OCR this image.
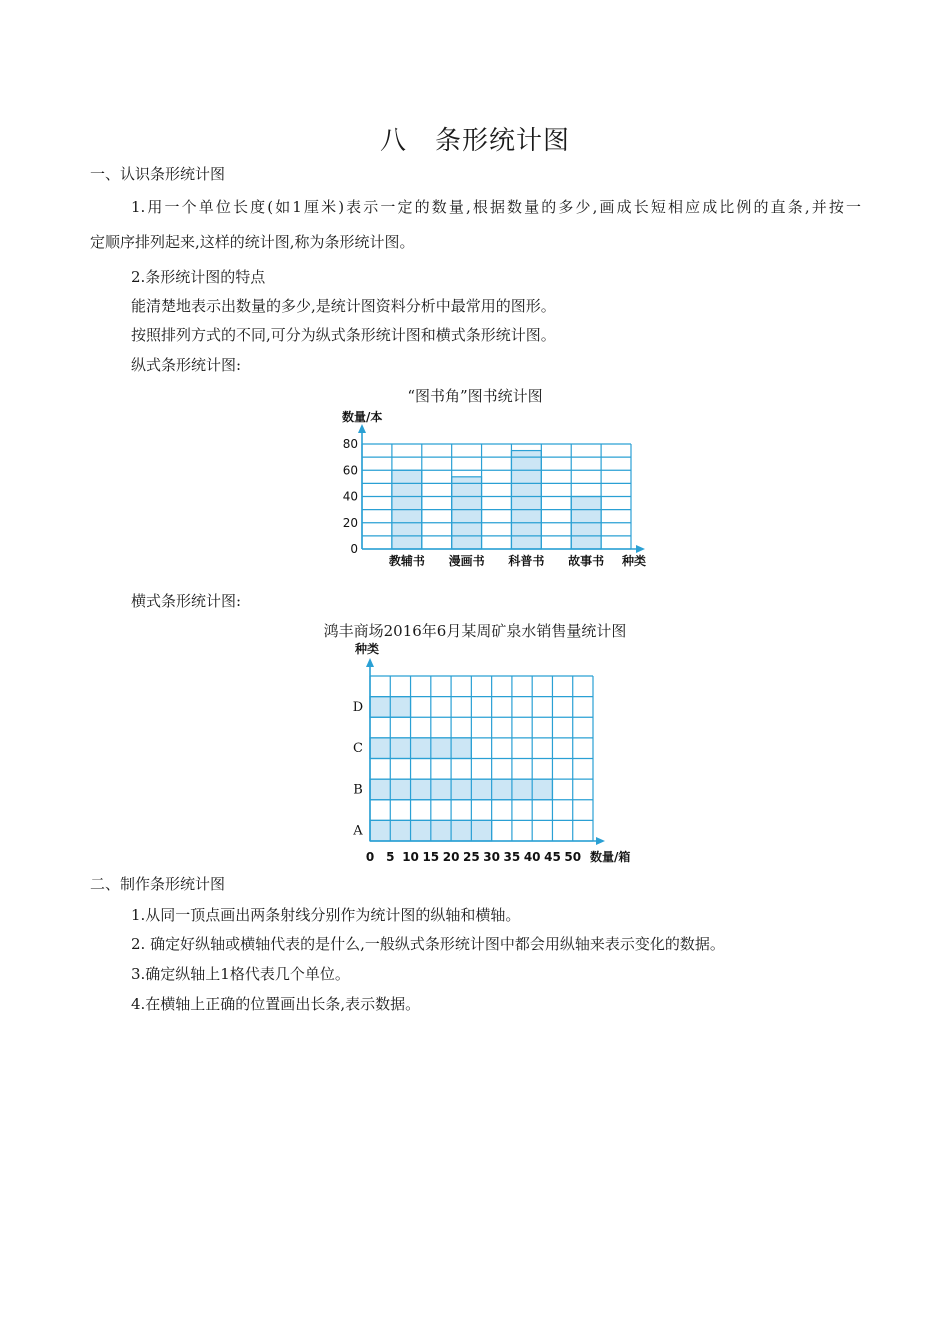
八 条形统计图
一、认识条形统计图
1.用一个单位长度(如1厘米)表示一定的数量,根据数量的多少,画成长短相应成比例的直条,并按一
定顺序排列起来,这样的统计图,称为条形统计图。
2.条形统计图的特点
能清楚地表示出数量的多少,是统计图资料分析中最常用的图形。
按照排列方式的不同,可分为纵式条形统计图和横式条形统计图。
纵式条形统计图:
“图书角”图书统计图
教辅书 漫画书 科普书 故事书
0
20
40
60
80
数量/本
种类
A
B
C
D
0 5 10 15 20 25 30 35 40 45 50
种类
数量/箱
横式条形统计图:
鸿丰商场2016年6月某周矿泉水销售量统计图
二、制作条形统计图
1.从同一顶点画出两条射线分别作为统计图的纵轴和横轴。
2. 确定好纵轴或横轴代表的是什么,一般纵式条形统计图中都会用纵轴来表示变化的数据。
3.确定纵轴上1格代表几个单位。
4.在横轴上正确的位置画出长条,表示数据。
